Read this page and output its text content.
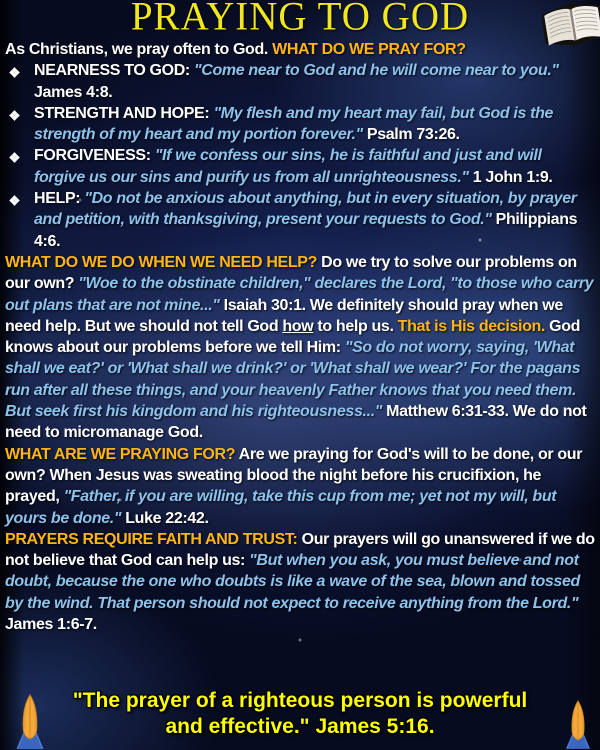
PRAYING TO GOD
As Christians, we pray often to God. WHAT DO WE PRAY FOR?
NEARNESS TO GOD: "Come near to God and he will come near to you." James 4:8.
STRENGTH AND HOPE: "My flesh and my heart may fail, but God is the strength of my heart and my portion forever." Psalm 73:26.
FORGIVENESS: "If we confess our sins, he is faithful and just and will forgive us our sins and purify us from all unrighteousness." 1 John 1:9.
HELP: "Do not be anxious about anything, but in every situation, by prayer and petition, with thanksgiving, present your requests to God." Philippians 4:6.
WHAT DO WE DO WHEN WE NEED HELP? Do we try to solve our problems on our own? "Woe to the obstinate children," declares the Lord, "to those who carry out plans that are not mine..." Isaiah 30:1. We definitely should pray when we need help. But we should not tell God how to help us. That is His decision. God knows about our problems before we tell Him: "So do not worry, saying, 'What shall we eat?' or 'What shall we drink?' or 'What shall we wear?' For the pagans run after all these things, and your heavenly Father knows that you need them. But seek first his kingdom and his righteousness..." Matthew 6:31-33. We do not need to micromanage God.
WHAT ARE WE PRAYING FOR? Are we praying for God's will to be done, or our own? When Jesus was sweating blood the night before his crucifixion, he prayed, "Father, if you are willing, take this cup from me; yet not my will, but yours be done." Luke 22:42.
PRAYERS REQUIRE FAITH AND TRUST: Our prayers will go unanswered if we do not believe that God can help us: "But when you ask, you must believe and not doubt, because the one who doubts is like a wave of the sea, blown and tossed by the wind. That person should not expect to receive anything from the Lord." James 1:6-7.
"The prayer of a righteous person is powerful and effective." James 5:16.
